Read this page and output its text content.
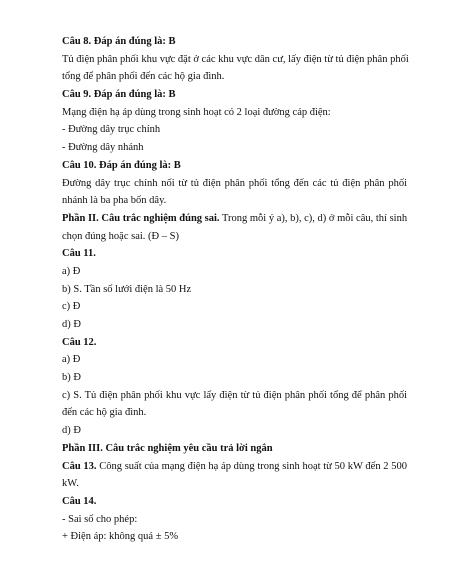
Câu 8. Đáp án đúng là: B
Tủ điện phân phối khu vực đặt ở các khu vực dân cư, lấy điện từ tủ điện phân phối
tổng để phân phối đến các hộ gia đình.
Câu 9. Đáp án đúng là: B
Mạng điện hạ áp dùng trong sinh hoạt có 2 loại đường cáp điện:
- Đường dây trục chính
- Đường dây nhánh
Câu 10. Đáp án đúng là: B
Đường dây trục chính nối từ tủ điện phân phối tổng đến các tủ điện phân phối
nhánh là ba pha bốn dây.
Phần II. Câu trắc nghiệm đúng sai. Trong mỗi ý a), b), c), d) ở mỗi câu, thí sinh
chọn đúng hoặc sai. (Đ – S)
Câu 11.
a) Đ
b) S. Tần số lưới điện là 50 Hz
c) Đ
d) Đ
Câu 12.
a) Đ
b) Đ
c) S. Tủ điện phân phối khu vực lấy điện từ tủ điện phân phối tổng để phân phối
đến các hộ gia đình.
d) Đ
Phần III. Câu trắc nghiệm yêu cầu trả lời ngắn
Câu 13. Công suất của mạng điện hạ áp dùng trong sinh hoạt từ 50 kW đến 2 500
kW.
Câu 14.
- Sai số cho phép:
+ Điện áp: không quá ± 5%
